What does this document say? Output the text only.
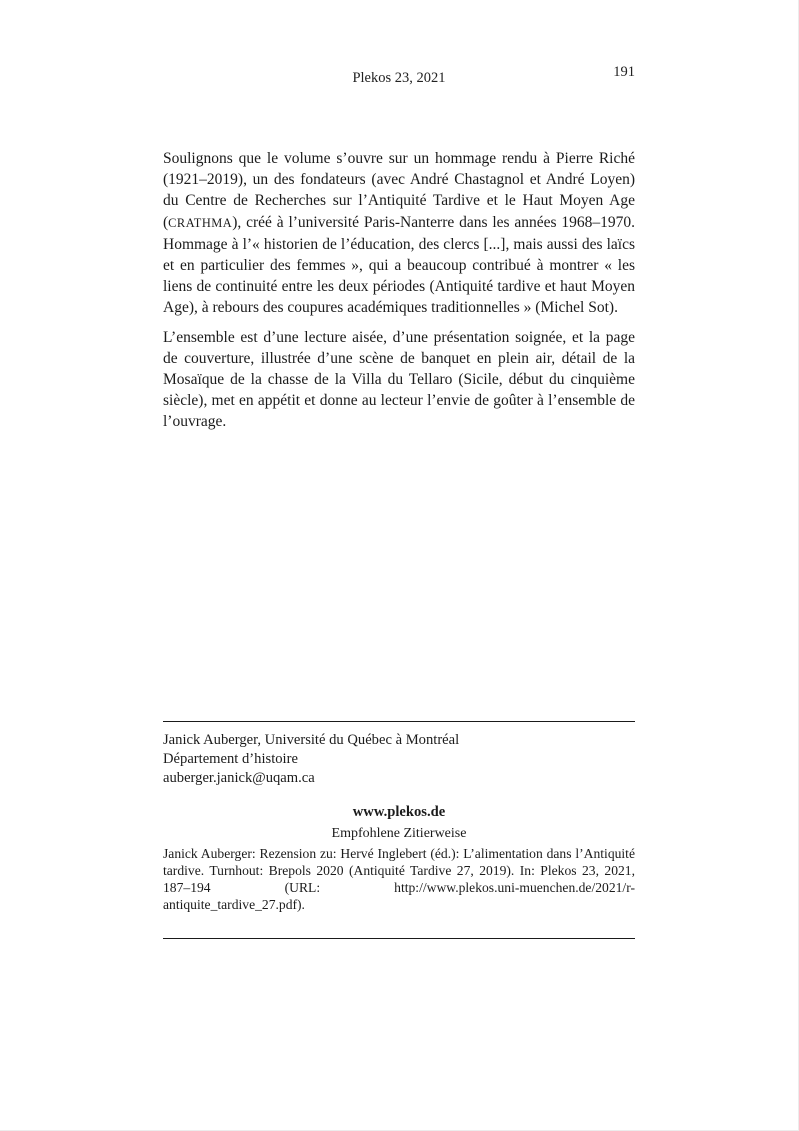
Plekos 23, 2021	191

Soulignons que le volume s’ouvre sur un hommage rendu à Pierre Riché (1921–2019), un des fondateurs (avec André Chastagnol et André Loyen) du Centre de Recherches sur l’Antiquité Tardive et le Haut Moyen Age (CRATHMA), créé à l’université Paris-Nanterre dans les années 1968–1970. Hommage à l’« historien de l’éducation, des clercs [...], mais aussi des laïcs et en particulier des femmes », qui a beaucoup contribué à montrer « les liens de continuité entre les deux périodes (Antiquité tardive et haut Moyen Age), à rebours des coupures académiques traditionnelles » (Michel Sot).

L’ensemble est d’une lecture aisée, d’une présentation soignée, et la page de couverture, illustrée d’une scène de banquet en plein air, détail de la Mosaïque de la chasse de la Villa du Tellaro (Sicile, début du cinquième siècle), met en appétit et donne au lecteur l’envie de goûter à l’ensemble de l’ouvrage.

Janick Auberger, Université du Québec à Montréal
Département d’histoire
auberger.janick@uqam.ca
www.plekos.de
Empfohlene Zitierweise

Janick Auberger: Rezension zu: Hervé Inglebert (éd.): L’alimentation dans l’Antiquité tardive. Turnhout: Brepols 2020 (Antiquité Tardive 27, 2019). In: Plekos 23, 2021, 187–194 (URL: http://www.plekos.uni-muenchen.de/2021/r-antiquite_tardive_27.pdf).
